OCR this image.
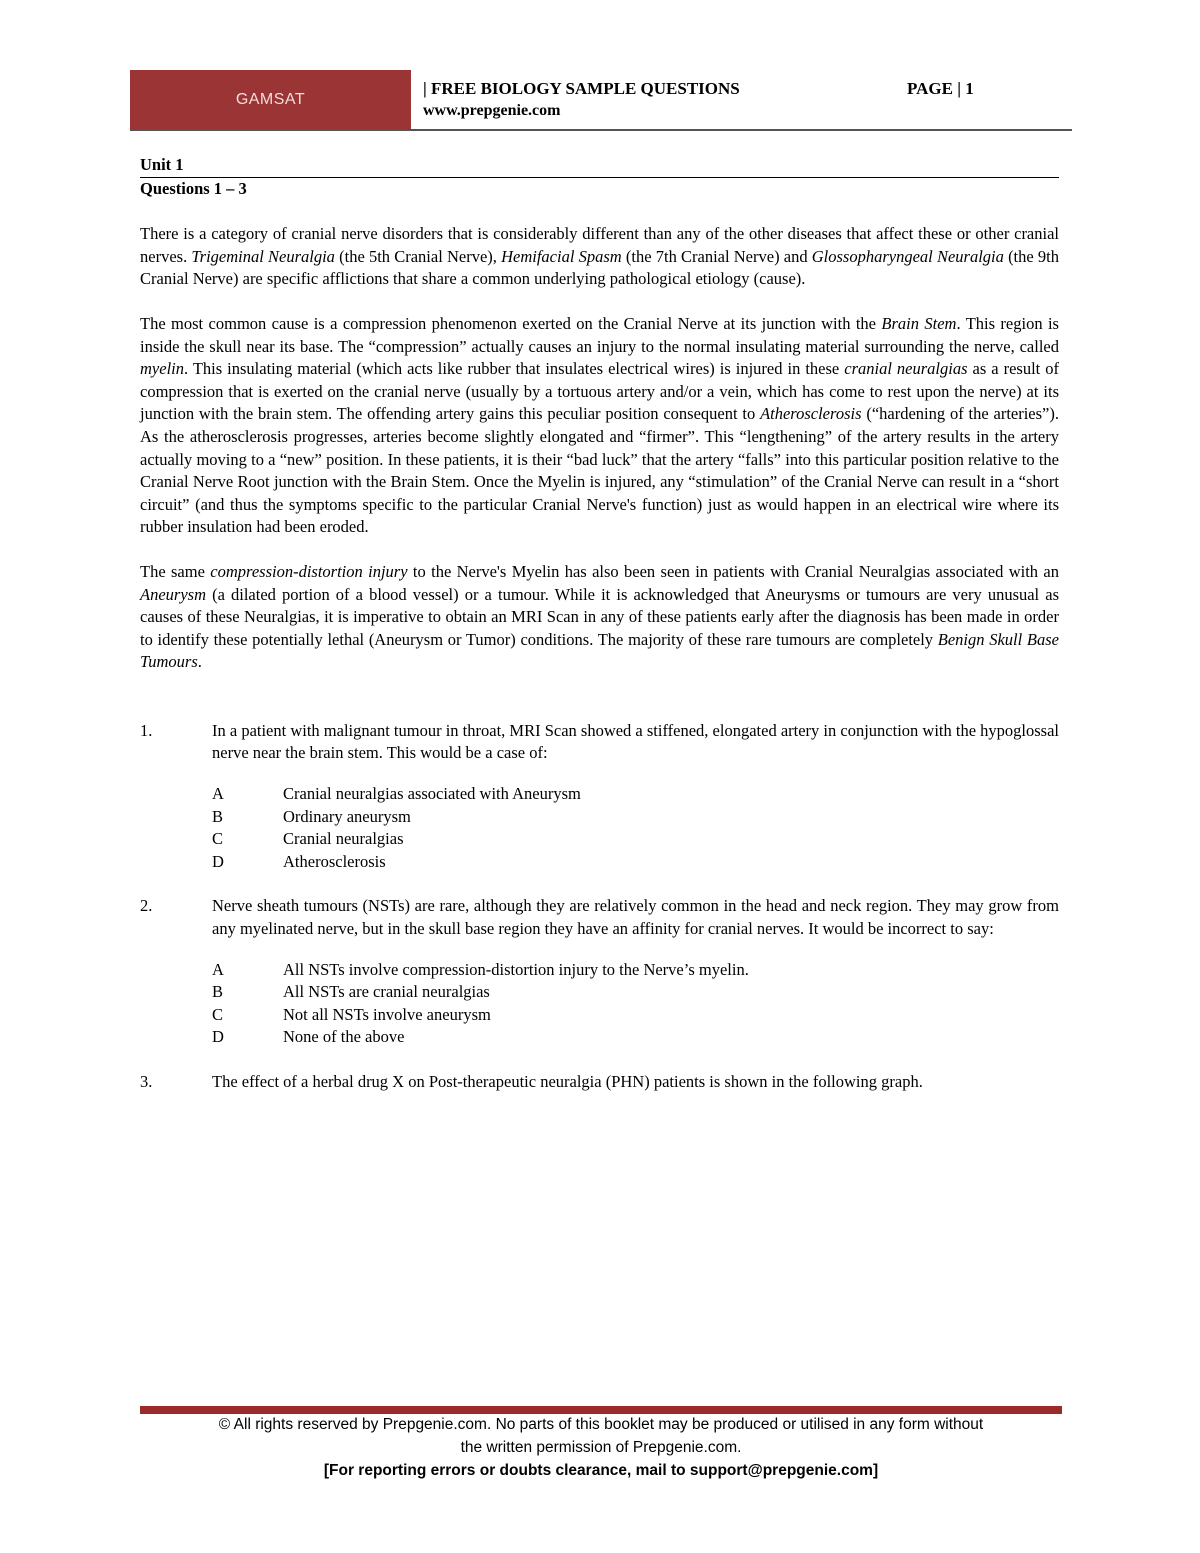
GAMSAT
| FREE BIOLOGY SAMPLE QUESTIONS	PAGE | 1
www.prepgenie.com

Unit 1

Questions 1 – 3

There is a category of cranial nerve disorders that is considerably different than any of the other diseases that affect these or other cranial nerves. Trigeminal Neuralgia (the 5th Cranial Nerve), Hemifacial Spasm (the 7th Cranial Nerve) and Glossopharyngeal Neuralgia (the 9th Cranial Nerve) are specific afflictions that share a common underlying pathological etiology (cause).

The most common cause is a compression phenomenon exerted on the Cranial Nerve at its junction with the Brain Stem. This region is inside the skull near its base. The “compression” actually causes an injury to the normal insulating material surrounding the nerve, called myelin. This insulating material (which acts like rubber that insulates electrical wires) is injured in these cranial neuralgias as a result of compression that is exerted on the cranial nerve (usually by a tortuous artery and/or a vein, which has come to rest upon the nerve) at its junction with the brain stem. The offending artery gains this peculiar position consequent to Atherosclerosis (“hardening of the arteries”). As the atherosclerosis progresses, arteries become slightly elongated and “firmer”. This “lengthening” of the artery results in the artery actually moving to a “new” position. In these patients, it is their “bad luck” that the artery “falls” into this particular position relative to the Cranial Nerve Root junction with the Brain Stem. Once the Myelin is injured, any “stimulation” of the Cranial Nerve can result in a “short circuit” (and thus the symptoms specific to the particular Cranial Nerve's function) just as would happen in an electrical wire where its rubber insulation had been eroded.

The same compression-distortion injury to the Nerve's Myelin has also been seen in patients with Cranial Neuralgias associated with an Aneurysm (a dilated portion of a blood vessel) or a tumour. While it is acknowledged that Aneurysms or tumours are very unusual as causes of these Neuralgias, it is imperative to obtain an MRI Scan in any of these patients early after the diagnosis has been made in order to identify these potentially lethal (Aneurysm or Tumor) conditions. The majority of these rare tumours are completely Benign Skull Base Tumours.

1.	In a patient with malignant tumour in throat, MRI Scan showed a stiffened, elongated artery in conjunction with the hypoglossal nerve near the brain stem. This would be a case of:
A	Cranial neuralgias associated with Aneurysm
B	Ordinary aneurysm
C	Cranial neuralgias
D	Atherosclerosis
2.	Nerve sheath tumours (NSTs) are rare, although they are relatively common in the head and neck region. They may grow from any myelinated nerve, but in the skull base region they have an affinity for cranial nerves. It would be incorrect to say:
A	All NSTs involve compression-distortion injury to the Nerve’s myelin.
B	All NSTs are cranial neuralgias
C	Not all NSTs involve aneurysm
D	None of the above
3.	The effect of a herbal drug X on Post-therapeutic neuralgia (PHN) patients is shown in the following graph.
© All rights reserved by Prepgenie.com. No parts of this booklet may be produced or utilised in any form without
the written permission of Prepgenie.com.
[For reporting errors or doubts clearance, mail to support@prepgenie.com]
